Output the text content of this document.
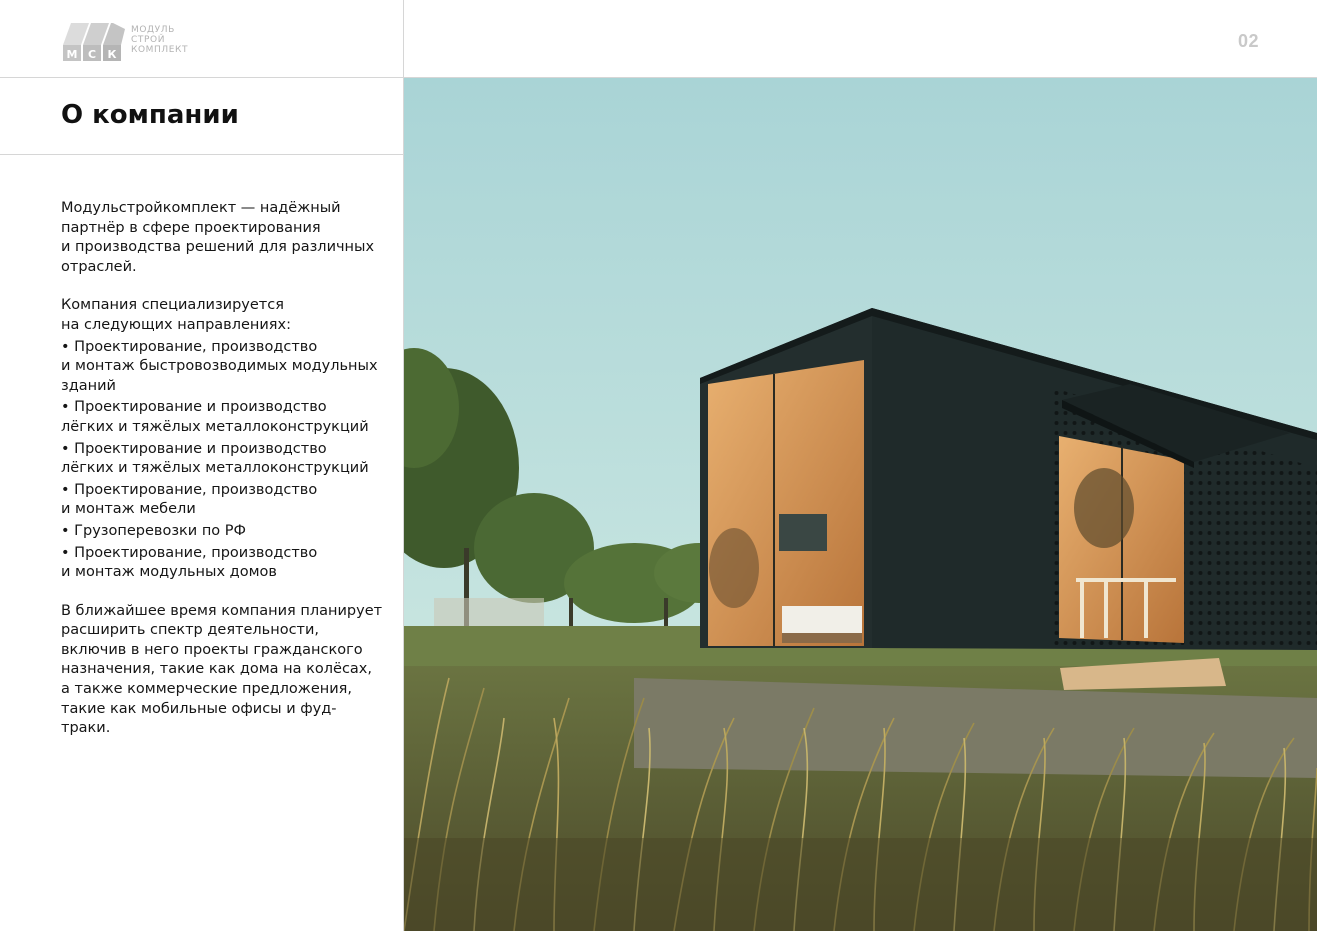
М С К
МОДУЛЬ
СТРОЙ
КОМПЛЕКТ	02
О компании

Модульстройкомплект — надёжный
партнёр в сфере проектирования
и производства решений для различных
отраслей.

Компания специализируется
на следующих направлениях:

• Проектирование, производство
и монтаж быстровозводимых модульных
зданий
• Проектирование и производство
лёгких и тяжёлых металлоконструкций
• Проектирование и производство
лёгких и тяжёлых металлоконструкций
• Проектирование, производство
и монтаж мебели
• Грузоперевозки по РФ
• Проектирование, производство
и монтаж модульных домов

В ближайшее время компания планирует
расширить спектр деятельности,
включив в него проекты гражданского
назначения, такие как дома на колёсах,
а также коммерческие предложения,
такие как мобильные офисы и фуд-
траки.
